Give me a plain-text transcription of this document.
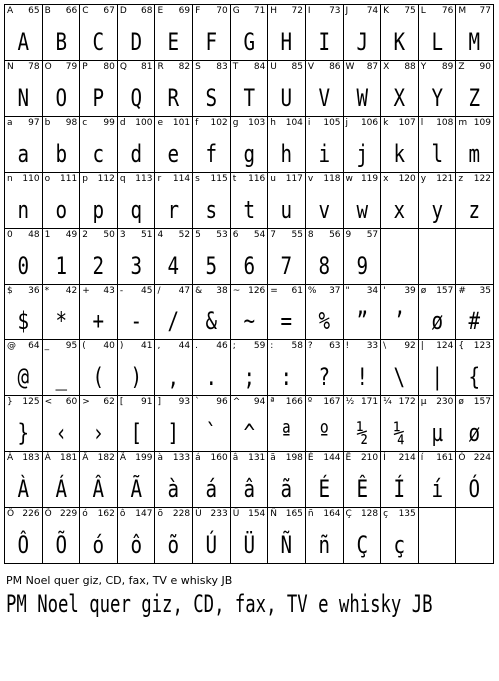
A 65
A
B 66
B
C 67
C
D 68
D
E 69
E
F 70
F
G 71
G
H 72
H
I 73
I
J 74
J
K 75
K
L 76
L
M 77
M
N 78
N
O 79
O
P 80
P
Q 81
Q
R 82
R
S 83
S
T 84
T
U 85
U
V 86
V
W 87
W
X 88
X
Y 89
Y
Z 90
Z
a 97
a
b 98
b
c 99
c
d 100
d
e 101
e
f 102
f
g 103
g
h 104
h
i 105
i
j 106
j
k 107
k
l 108
l
m 109
m
n 110
n
o 111
o
p 112
p
q 113
q
r 114
r
s 115
s
t 116
t
u 117
u
v 118
v
w 119
w
x 120
x
y 121
y
z 122
z
0 48
0
1 49
1
2 50
2
3 51
3
4 52
4
5 53
5
6 54
6
7 55
7
8 56
8
9 57
9
$ 36
$
* 42
*
+ 43
+
- 45
-
/ 47
/
& 38
&
~ 126
~
= 61
=
% 37
%
" 34
”
' 39
’
ø 157
ø
# 35
#
@ 64
@
_ 95
_
( 40
(
) 41
)
, 44
,
. 46
.
; 59
;
: 58
:
? 63
?
! 33
!
\ 92
\
| 124
|
{ 123
{
} 125
}
< 60
‹
> 62
›
[ 91
[
] 93
]
` 96
`
^ 94
^
ª 166
ª
º 167
º
½ 171
½
¼ 172
¼
µ 230
µ
ø 157
ø
À 183
À
Á 181
Á
Â 182
Â
Ã 199
Ã
à 133
à
á 160
á
â 131
â
ã 198
ã
É 144
É
Ê 210
Ê
Í 214
Í
í 161
í
Ó 224
Ó
Ô 226
Ô
Õ 229
Õ
ó 162
ó
ô 147
ô
õ 228
õ
Ú 233
Ú
Ü 154
Ü
Ñ 165
Ñ
ñ 164
ñ
Ç 128
Ç
ç 135
ç
PM Noel quer giz, CD, fax, TV e whisky JB
PM Noel quer giz, CD, fax, TV e whisky JB
